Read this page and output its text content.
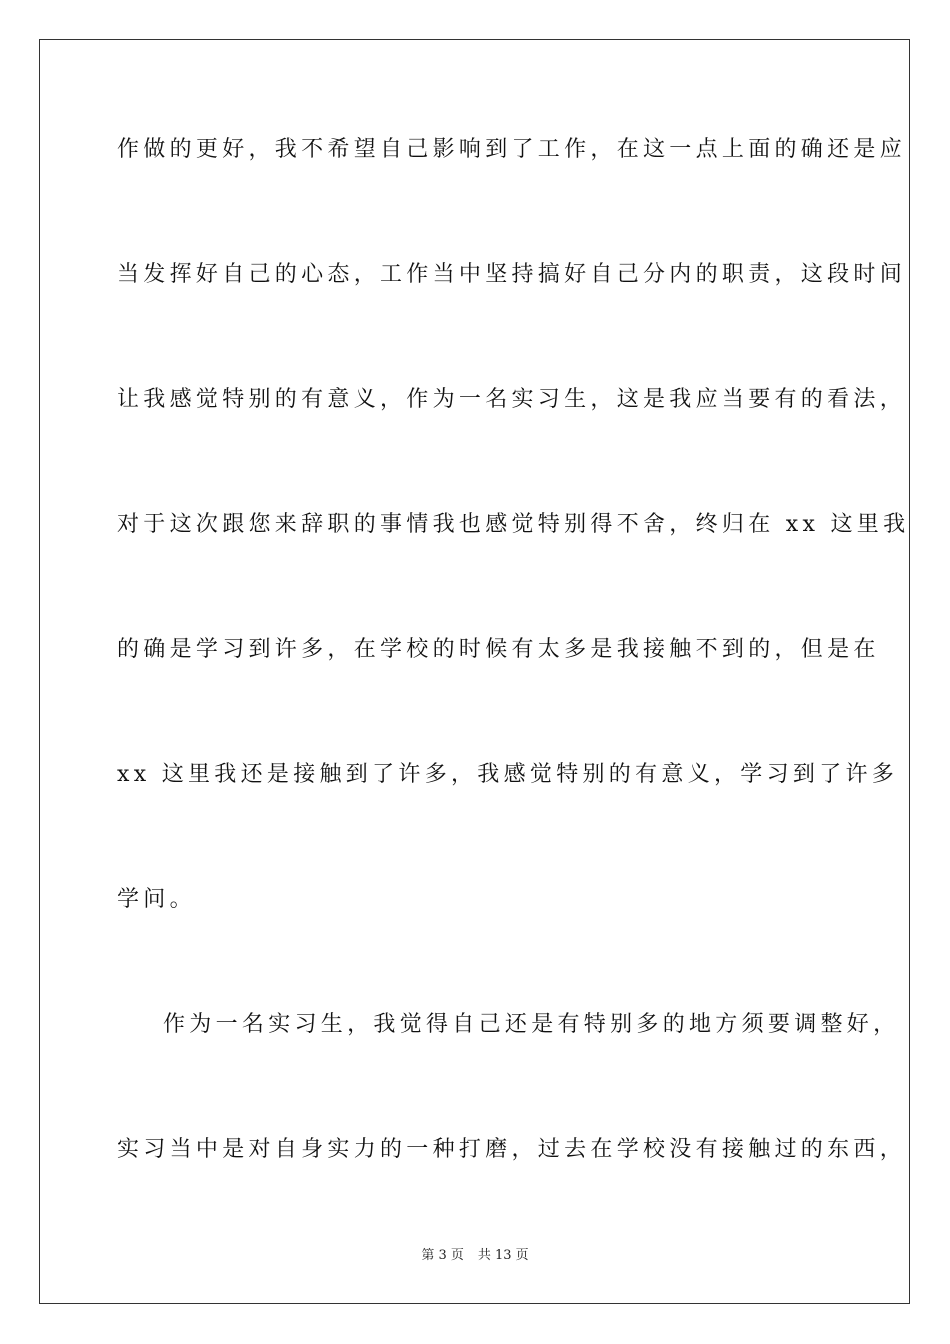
作做的更好，我不希望自己影响到了工作，在这一点上面的确还是应
当发挥好自己的心态，工作当中坚持搞好自己分内的职责，这段时间
让我感觉特别的有意义，作为一名实习生，这是我应当要有的看法，
对于这次跟您来辞职的事情我也感觉特别得不舍，终归在 xx 这里我
的确是学习到许多，在学校的时候有太多是我接触不到的，但是在
xx 这里我还是接触到了许多，我感觉特别的有意义，学习到了许多
学问。
作为一名实习生，我觉得自己还是有特别多的地方须要调整好，
实习当中是对自身实力的一种打磨，过去在学校没有接触过的东西，
第 3 页 共 13 页
